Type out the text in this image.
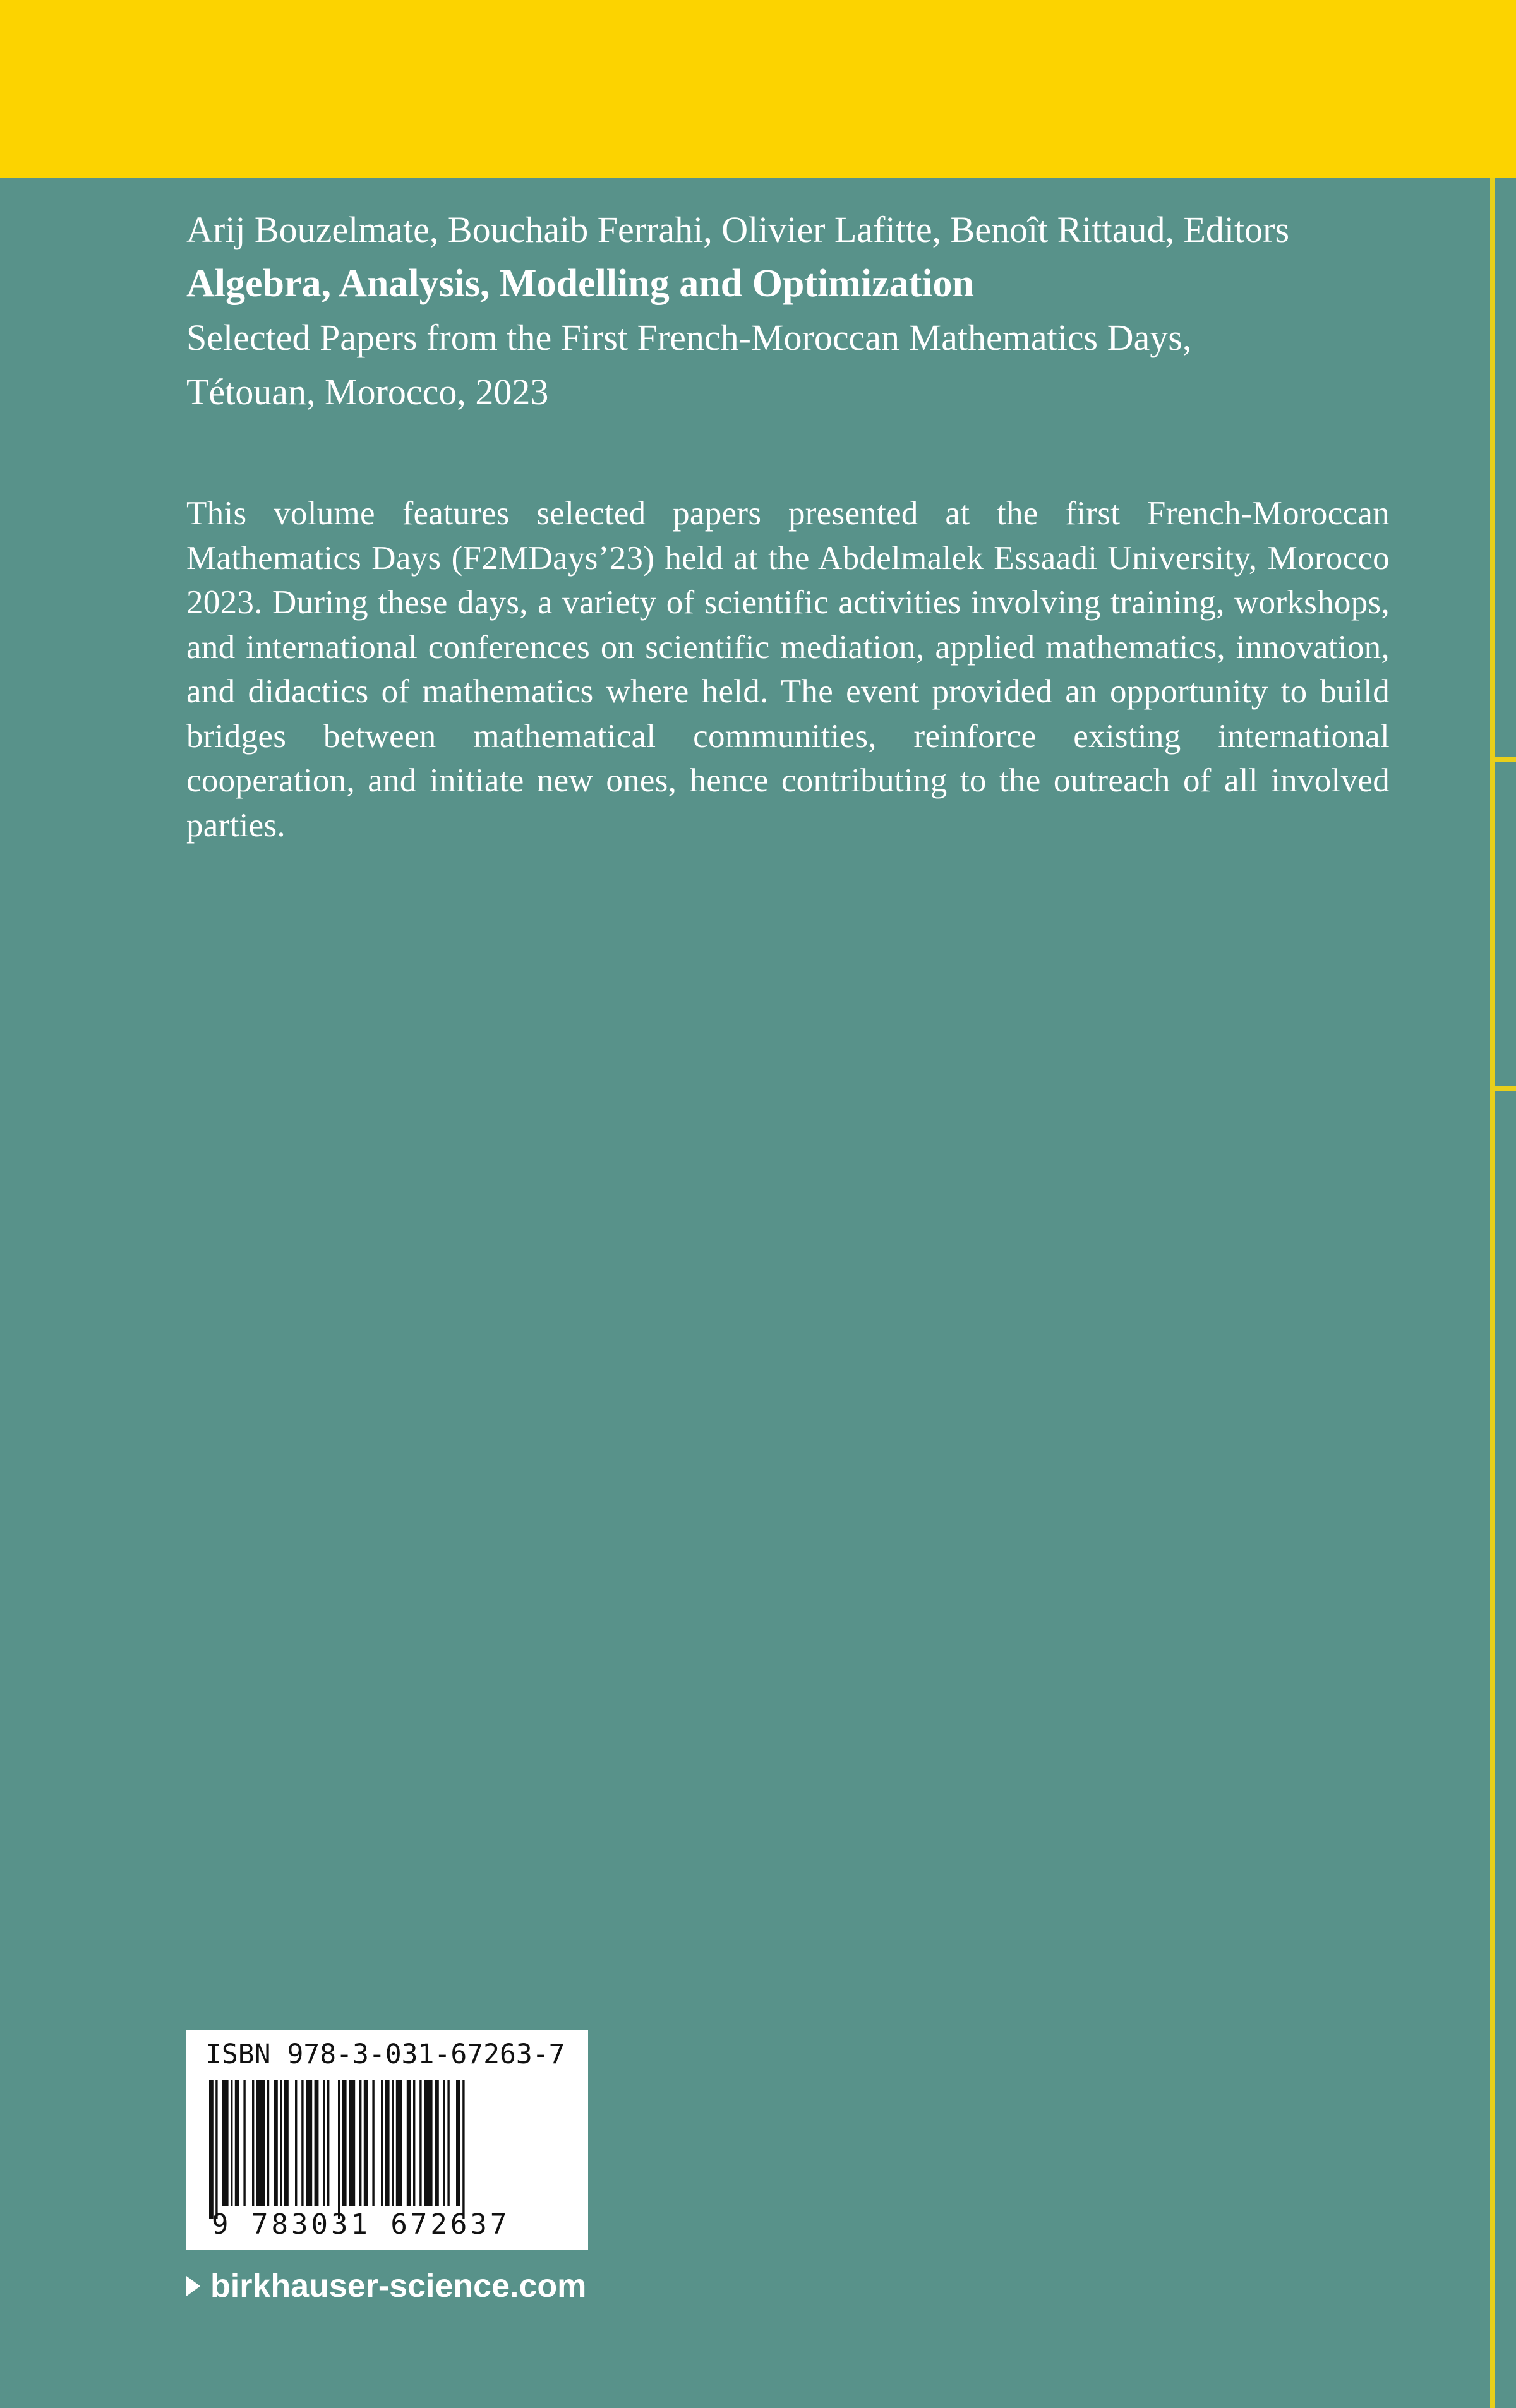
Arij Bouzelmate, Bouchaib Ferrahi, Olivier Lafitte, Benoît Rittaud, Editors
Algebra, Analysis, Modelling and Optimization
Selected Papers from the First French-Moroccan Mathematics Days,
Tétouan, Morocco, 2023
This volume features selected papers presented at the first French-Moroccan Mathematics Days (F2MDays’23) held at the Abdelmalek Essaadi University, Morocco 2023. During these days, a variety of scientific activities involving training, workshops, and international conferences on scientific mediation, applied mathematics, innovation, and didactics of mathematics where held. The event provided an opportunity to build bridges between mathematical communities, reinforce existing international cooperation, and initiate new ones, hence contributing to the outreach of all involved parties.
ISBN 978-3-031-67263-7
9 783031 672637
birkhauser-science.com
